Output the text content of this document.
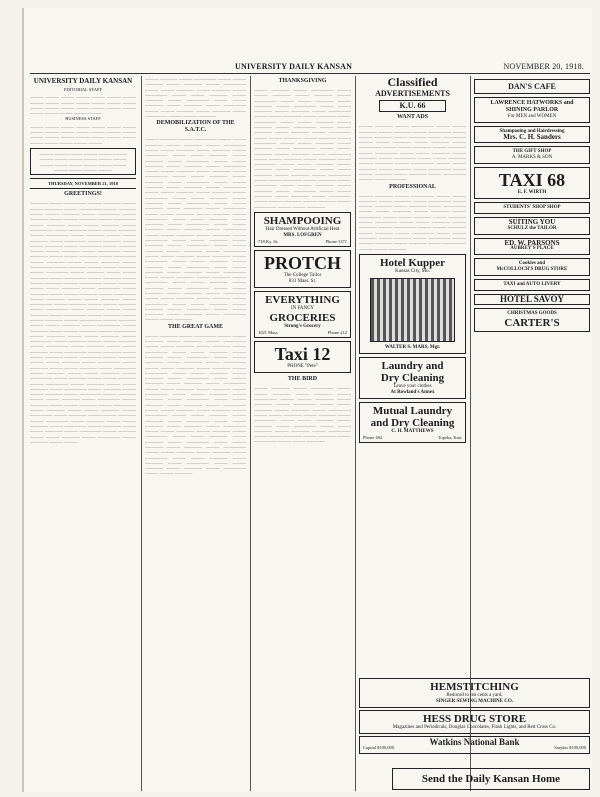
UNIVERSITY DAILY KANSAN	NOVEMBER 20, 1918.
UNIVERSITY DAILY KANSAN
EDITORIAL STAFF
——— ——— ——— ——— ——— ——— ——— ——— ——— ——— ——— ——— ——— ——— ——— ——— ——— ——— ——— ——— ——— ——— ——— ——— ——— ———
BUSINESS STAFF
——— ——— ——— ——— ——— ——— ——— ——— ——— ——— ——— ——— ——— ——— ——— ——— ——— ——— ——— ——— ——— ——— ——— ——— ——— ———
——— ——— ——— ——— ——— ——— ——— ——— ——— ——— ——— ——— ——— ——— ——— ——— ——— ——— ——— ——— ——— ———
THURSDAY, NOVEMBER 21, 1918
GREETINGS!
———— ——— ————— ——— ———— ——— ——— ———— ——— ————— ——— ———— ——— ——— ———— ——— ————— ——— ———— ——— ——— ———— ——— ————— ——— ———— ——— ——— ———— ——— ————— ——— ———— ——— ——— ———— ——— ————— ——— ———— ——— ——— ———— ——— ————— ——— ———— ——— ——— ———— ——— ————— ——— ———— ——— ——— ———— ——— ————— ——— ———— ——— ——— ———— ——— ————— ——— ———— ——— ——— ———— ——— ————— ——— ———— ——— ——— ———— ——— ————— ——— ———— ——— ——— ———— ——— ————— ——— ———— ——— ——— ———— ——— ————— ——— ———— ——— ——— ———— ——— ————— ——— ———— ——— ——— ———— ——— ————— ——— ———— ——— ——— ———— ——— ————— ——— ———— ——— ——— ———— ——— ————— ——— ———— ——— ——— ———— ——— ————— ——— ———— ——— ——— ———— ——— ————— ——— ———— ——— ——— ———— ——— ————— ——— ———— ——— ——— ———— ——— ————— ——— ———— ——— ——— ———— ——— ————— ——— ———— ——— ——— ———— ——— ————— ——— ———— ——— ——— ———— ——— ————— ——— ———— ——— ——— ———— ——— ————— ——— ———— ——— ——— ———— ——— ————— ——— ———— ——— ——— ———— ——— ————— ——— ———— ——— ——— ———— ——— ————— ——— ———— ——— ——— ———— ——— ————— ——— ———— ——— ——— ———— ——— ————— ——— ———— ——— ——— ———— ——— ————— ——— ———— ——— ——— ———— ——— ————— ——— ———— ——— ——— ———— ——— ————— ——— ———— ——— ——— ———— ——— ————— ——— ———— ——— ——— ———— ——— ————— ——— ———— ——— ——— ———— ——— ————— ——— ———— ——— ——— ———— ——— ————— ——— ———— ——— ——— ———— ——— ————— ——— ———— ——— ———
——— ———— ——— ————— ——— ——— ———— ——— ———— ——— ————— ——— ——— ———— ——— ———— ——— ————— ——— ——— ———— ——— ———— ——— ————— ——— ——— ———— ——— ———— ——— ————— ——— ——— ———— ——— ———— ——— ————— ——— ——— ————
DEMOBILIZATION OF THE S.A.T.C.
——— ———— ——— ————— ——— ——— ———— ——— ———— ——— ————— ——— ——— ———— ——— ———— ——— ————— ——— ——— ———— ——— ———— ——— ————— ——— ——— ———— ——— ———— ——— ————— ——— ——— ———— ——— ———— ——— ————— ——— ——— ———— ——— ———— ——— ————— ——— ——— ———— ——— ———— ——— ————— ——— ——— ———— ——— ———— ——— ————— ——— ——— ———— ——— ———— ——— ————— ——— ——— ———— ——— ———— ——— ————— ——— ——— ———— ——— ———— ——— ————— ——— ——— ———— ——— ———— ——— ————— ——— ——— ———— ——— ———— ——— ————— ——— ——— ———— ——— ———— ——— ————— ——— ——— ———— ——— ———— ——— ————— ——— ——— ———— ——— ———— ——— ————— ——— ——— ———— ——— ———— ——— ————— ——— ——— ———— ——— ———— ——— ————— ——— ——— ———— ——— ———— ——— ————— ——— ——— ———— ——— ———— ——— ————— ——— ——— ———— ——— ———— ——— ————— ——— ——— ———— ——— ———— ——— ————— ——— ——— ———— ——— ———— ——— ————— ——— ——— ———— ——— ———— ——— ————— ——— ——— ———— ——— ———— ——— ————— ——— ——— ————
THE GREAT GAME
——— ———— ——— ————— ——— ——— ———— ——— ———— ——— ————— ——— ——— ———— ——— ———— ——— ————— ——— ——— ———— ——— ———— ——— ————— ——— ——— ———— ——— ———— ——— ————— ——— ——— ———— ——— ———— ——— ————— ——— ——— ———— ——— ———— ——— ————— ——— ——— ———— ——— ———— ——— ————— ——— ——— ———— ——— ———— ——— ————— ——— ——— ———— ——— ———— ——— ————— ——— ——— ———— ——— ———— ——— ————— ——— ——— ———— ——— ———— ——— ————— ——— ——— ———— ——— ———— ——— ————— ——— ——— ———— ——— ———— ——— ————— ——— ——— ———— ——— ———— ——— ————— ——— ——— ———— ——— ———— ——— ————— ——— ——— ———— ——— ———— ——— ————— ——— ——— ———— ——— ———— ——— ————— ——— ——— ———— ——— ———— ——— ————— ——— ——— ———— ——— ———— ——— ————— ——— ——— ————
THANKSGIVING
——— ———— ——— ————— ——— ——— ———— ——— ———— ——— ————— ——— ——— ———— ——— ———— ——— ————— ——— ——— ———— ——— ———— ——— ————— ——— ——— ———— ——— ———— ——— ————— ——— ——— ———— ——— ———— ——— ————— ——— ——— ———— ——— ———— ——— ————— ——— ——— ———— ——— ———— ——— ————— ——— ——— ———— ——— ———— ——— ————— ——— ——— ———— ——— ———— ——— ————— ——— ——— ———— ——— ———— ——— ————— ——— ——— ———— ——— ———— ——— ————— ——— ——— ———— ——— ———— ——— ————— ——— ——— ———— ——— ———— ——— ————— ——— ——— ———— ——— ———— ——— ————— ——— ——— ———— ——— ———— ——— ————— ——— ——— ———— ——— ———— ——— ————— ——— ——— ————
SHAMPOOING
Hair Dressed Without Artificial Heat
MRS. LOFGREN
718 Ky. St.	Phone 1371
PROTCH
The College Tailor
831 Mass. St.
EVERYTHING
IN FANCY
GROCERIES
Strong's Grocery
1021 Mass	Phone 212
Taxi 12
PHONE "Pete"
THE BIRD
——— ———— ——— ————— ——— ——— ———— ——— ———— ——— ————— ——— ——— ———— ——— ———— ——— ————— ——— ——— ———— ——— ———— ——— ————— ——— ——— ———— ——— ———— ——— ————— ——— ——— ———— ——— ———— ——— ————— ——— ——— ———— ——— ———— ——— ————— ——— ——— ———— ——— ———— ——— ————— ——— ——— ————
Classified
ADVERTISEMENTS
K.U. 66
WANT ADS
——— ———— ——— ————— ——— ——— ———— ——— ———— ——— ————— ——— ——— ———— ——— ———— ——— ————— ——— ——— ———— ——— ———— ——— ————— ——— ——— ———— ——— ———— ——— ————— ——— ——— ———— ——— ———— ——— ————— ——— ——— ———— ——— ———— ——— ————— ——— ——— ———— ——— ———— ——— ————— ——— ——— ———— ——— ———— ——— ————— ——— ——— ————
PROFESSIONAL
——— ———— ——— ————— ——— ——— ———— ——— ———— ——— ————— ——— ——— ———— ——— ———— ——— ————— ——— ——— ———— ——— ———— ——— ————— ——— ——— ———— ——— ———— ——— ————— ——— ——— ———— ——— ———— ——— ————— ——— ——— ———— ——— ———— ——— ————— ——— ——— ———— ——— ———— ——— ————— ——— ——— ———— ——— ———— ——— ————— ——— ——— ————
Hotel Kupper
Kansas City, Mo.
WALTER S. MARS, Mgr.
Laundry and
Dry Cleaning
Leave your clothes
At Rowland's Annex
Mutual Laundry
and Dry Cleaning
C. H. MATTHEWS
Phone 482	Topeka, Kan.
DAN'S CAFE
LAWRENCE HATWORKS and SHINING PARLOR
For MEN and WOMEN
Shampooing and Hairdressing
Mrs. C. H. Sanders
THE GIFT SHOP
A. MARKS & SON
TAXI 68
E. F. WIRTH
STUDENTS' SHOP SHOP
SUITING YOU
SCHULZ the TAILOR
ED. W. PARSONS
AUBREY'S PLACE
Cookies and
McCOLLOCH'S DRUG STORE
TAXI and AUTO LIVERY
HOTEL SAVOY
CHRISTMAS GOODS
CARTER'S
HEMSTITCHING
Reduced to ten cents a yard.
SINGER SEWING MACHINE CO.
HESS DRUG STORE
Magazines and Periodicals, Douglas Chocolates, Flash Lights, and Red Cross Co.
Watkins National Bank
Capital $100,000	Surplus $100,000
Send the Daily Kansan Home
